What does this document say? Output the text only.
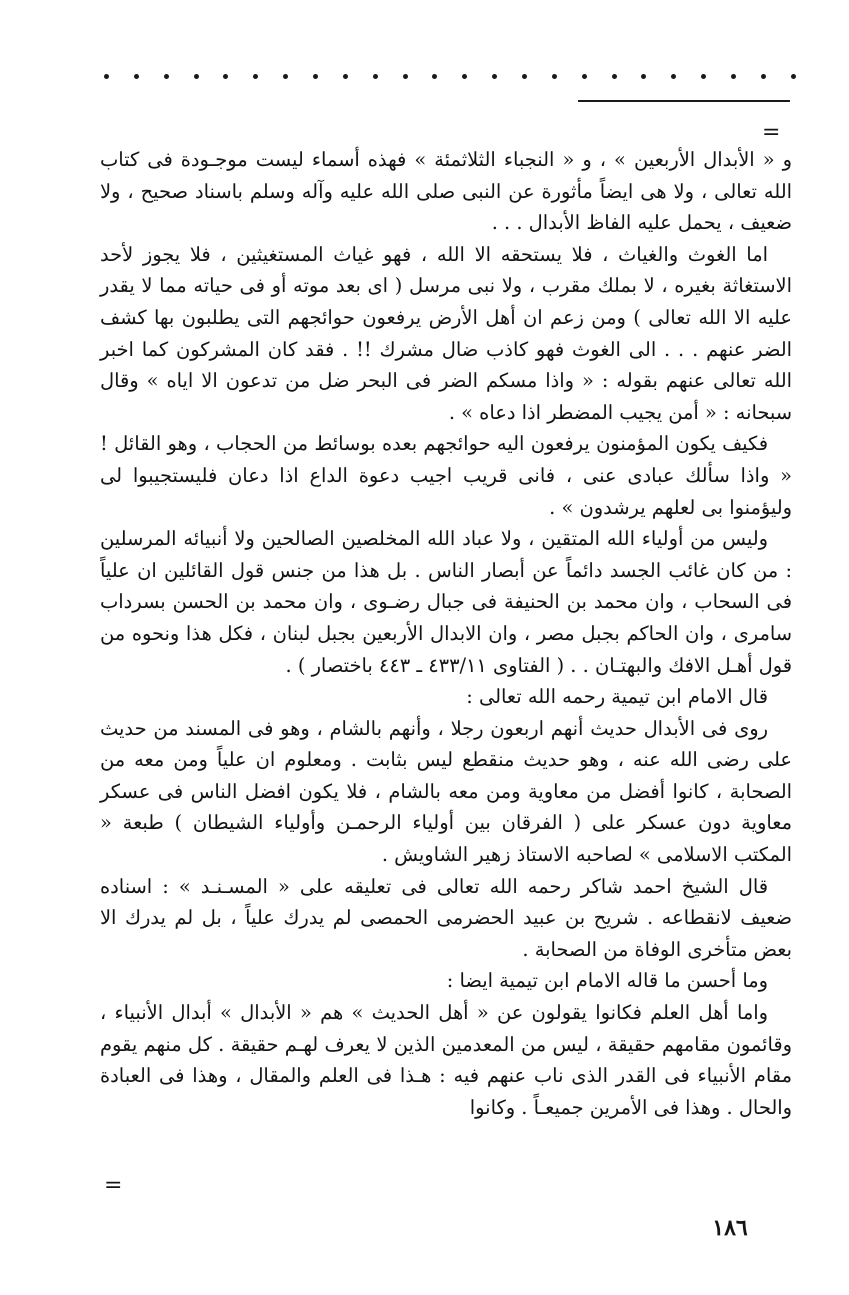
=

و « الأبدال الأربعين » ، و « النجباء الثلاثمئة » فهذه أسماء ليست موجـودة فى كتاب الله تعالى ، ولا هى ايضاً مأثورة عن النبى صلى الله عليه وآله وسلم باسناد صحيح ، ولا ضعيف ، يحمل عليه الفاظ الأبدال . . .

اما الغوث والغياث ، فلا يستحقه الا الله ، فهو غياث المستغيثين ، فلا يجوز لأحد الاستغاثة بغيره ، لا بملك مقرب ، ولا نبى مرسل ( اى بعد موته أو فى حياته مما لا يقدر عليه الا الله تعالى ) ومن زعم ان أهل الأرض يرفعون حوائجهم التى يطلبون بها كشف الضر عنهم . . . الى الغوث فهو كاذب ضال مشرك !! . فقد كان المشركون كما اخبر الله تعالى عنهم بقوله : « واذا مسكم الضر فى البحر ضل من تدعون الا اياه » وقال سبحانه : « أمن يجيب المضطر اذا دعاه » .

فكيف يكون المؤمنون يرفعون اليه حوائجهم بعده بوسائط من الحجاب ، وهو القائل ! « واذا سألك عبادى عنى ، فانى قريب اجيب دعوة الداع اذا دعان فليستجيبوا لى وليؤمنوا بى لعلهم يرشدون » .

وليس من أولياء الله المتقين ، ولا عباد الله المخلصين الصالحين ولا أنبيائه المرسلين : من كان غائب الجسد دائماً عن أبصار الناس . بل هذا من جنس قول القائلين ان علياً فى السحاب ، وان محمد بن الحنيفة فى جبال رضـوى ، وان محمد بن الحسن بسرداب سامرى ، وان الحاكم بجبل مصر ، وان الابدال الأربعين بجبل لبنان ، فكل هذا ونحوه من قول أهـل الافك والبهتـان . . ( الفتاوى ٤٣٣/١١ ـ ٤٤٣ باختصار ) .

قال الامام ابن تيمية رحمه الله تعالى :

روى فى الأبدال حديث أنهم اربعون رجلا ، وأنهم بالشام ، وهو فى المسند من حديث على رضى الله عنه ، وهو حديث منقطع ليس بثابت . ومعلوم ان علياً ومن معه من الصحابة ، كانوا أفضل من معاوية ومن معه بالشام ، فلا يكون افضل الناس فى عسكر معاوية دون عسكر على ( الفرقان بين أولياء الرحمـن وأولياء الشيطان ) طبعة « المكتب الاسلامى » لصاحبه الاستاذ زهير الشاويش .

قال الشيخ احمد شاكر رحمه الله تعالى فى تعليقه على « المسـنـد » : اسناده ضعيف لانقطاعه . شريح بن عبيد الحضرمى الحمصى لم يدرك علياً ، بل لم يدرك الا بعض متأخرى الوفاة من الصحابة .

وما أحسن ما قاله الامام ابن تيمية ايضا :

واما أهل العلم فكانوا يقولون عن « أهل الحديث » هم « الأبدال » أبدال الأنبياء ، وقائمون مقامهم حقيقة ، ليس من المعدمين الذين لا يعرف لهـم حقيقة . كل منهم يقوم مقام الأنبياء فى القدر الذى ناب عنهم فيه : هـذا فى العلم والمقال ، وهذا فى العبادة والحال . وهذا فى الأمرين جميعـاً . وكانوا

=
١٨٦
